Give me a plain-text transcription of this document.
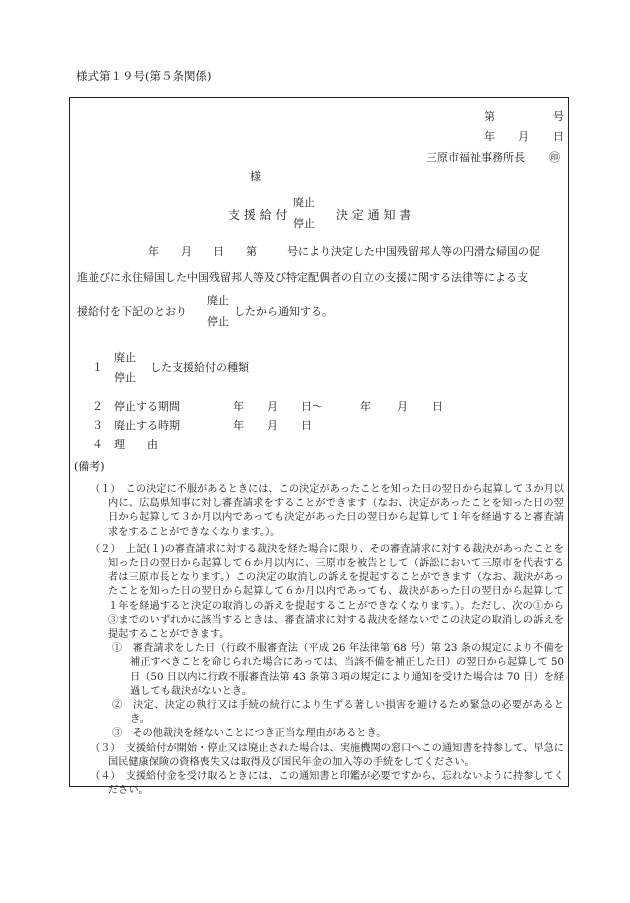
様式第１９号(第５条関係)
第	号
年 月 日
三原市福祉事務所長 ㊞
様
支 援 給 付
廃止
停止
決 定 通 知 書
年 月 日 第	号により決定した中国残留邦人等の円滑な帰国の促
進並びに永住帰国した中国残留邦人等及び特定配偶者の自立の支援に関する法律等による支
援給付を下記のとおり
廃止
停止
したから通知する。
１
廃止
停止
した支援給付の種類
２ 停止する期間	年 月 日～	年 月 日
３ 廃止する時期	年 月 日
４ 理　　由
(備考)

（１）　この決定に不服があるときには、この決定があったことを知った日の翌日から起算して３か月以内に、広島県知事に対し審査請求をすることができます（なお、決定があったことを知った日の翌日から起算して３か月以内であっても決定があった日の翌日から起算して１年を経過すると審査請求をすることができなくなります。）。

（２）　上記(１)の審査請求に対する裁決を経た場合に限り、その審査請求に対する裁決があったことを知った日の翌日から起算して６か月以内に、三原市を被告として（訴訟において三原市を代表する者は三原市長となります。）この決定の取消しの訴えを提起することができます（なお、裁決があったことを知った日の翌日から起算して６か月以内であっても、裁決があった日の翌日から起算して１年を経過すると決定の取消しの訴えを提起することができなくなります。）。ただし、次の①から③までのいずれかに該当するときは、審査請求に対する裁決を経ないでこの決定の取消しの訴えを提起することができます。

①　審査請求をした日（行政不服審査法（平成 26 年法律第 68 号）第 23 条の規定により不備を補正すべきことを命じられた場合にあっては、当該不備を補正した日）の翌日から起算して 50 日（50 日以内に行政不服審査法第 43 条第３項の規定により通知を受けた場合は 70 日）を経過しても裁決がないとき。

②　決定、決定の執行又は手続の続行により生ずる著しい損害を避けるため緊急の必要があるとき。

③　その他裁決を経ないことにつき正当な理由があるとき。

（３）　支援給付が開始・停止又は廃止された場合は、実施機関の窓口へこの通知書を持参して、早急に国民健康保険の資格喪失又は取得及び国民年金の加入等の手続をしてください。

（４）　支援給付金を受け取るときには、この通知書と印鑑が必要ですから、忘れないように持参してください。
